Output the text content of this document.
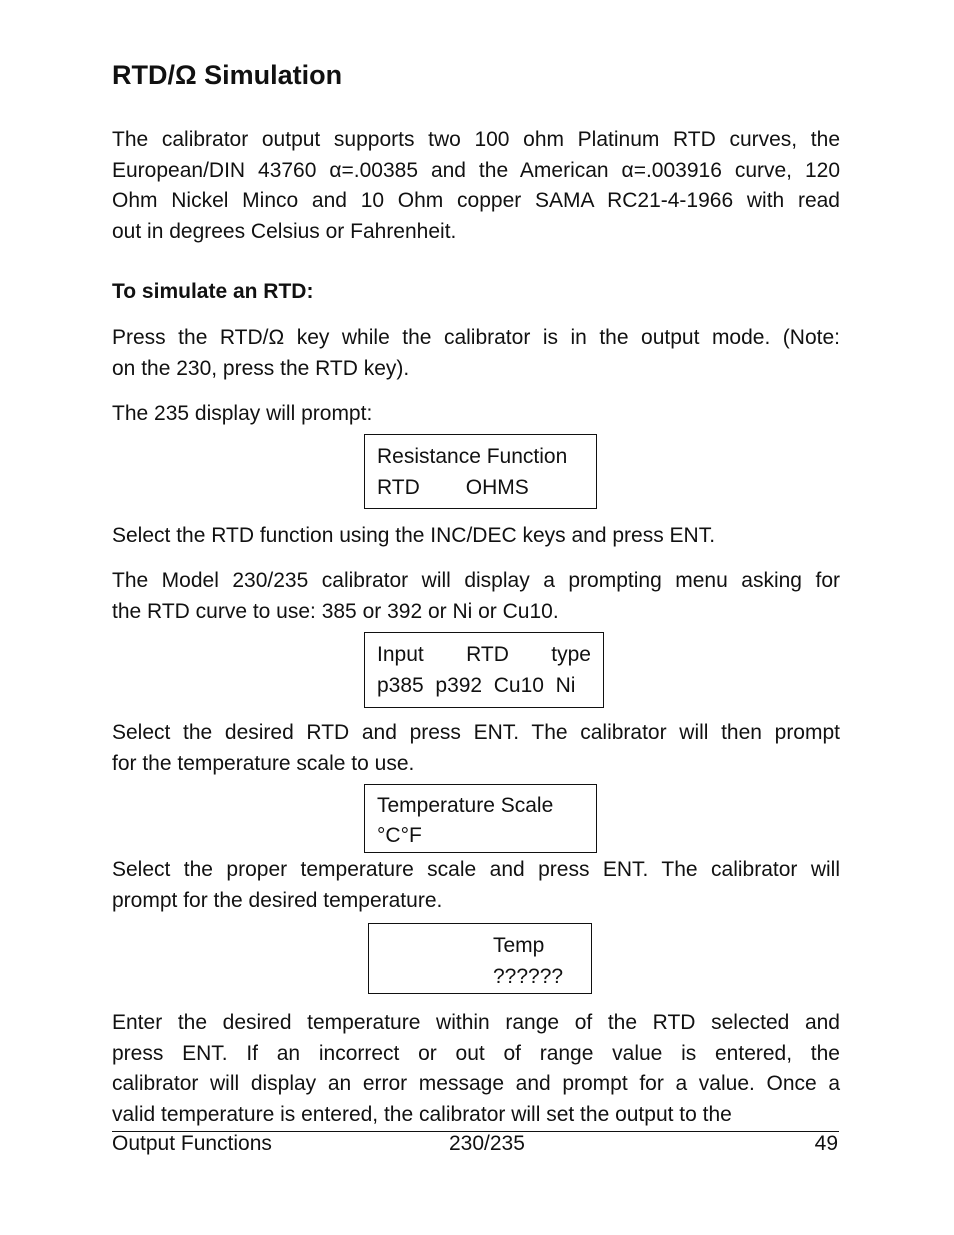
RTD/Ω Simulation
The calibrator output supports two 100 ohm Platinum RTD curves, the
European/DIN 43760 α=.00385 and the American α=.003916 curve, 120
Ohm Nickel Minco and 10 Ohm copper SAMA RC21-4-1966 with read
out in degrees Celsius or Fahrenheit.

To simulate an RTD:

Press the RTD/Ω key while the calibrator is in the output mode. (Note:
on the 230, press the RTD key).

The 235 display will prompt:

Resistance Function
RTD OHMS

Select the RTD function using the INC/DEC keys and press ENT.

The Model 230/235 calibrator will display a prompting menu asking for
the RTD curve to use: 385 or 392 or Ni or Cu10.
Input RTD type
p385  p392  Cu10  Ni
Select the desired RTD and press ENT. The calibrator will then prompt
for the temperature scale to use.
Temperature Scale
°C°F
Select the proper temperature scale and press ENT. The calibrator will
prompt for the desired temperature.
Temp
??????
Enter the desired temperature within range of the RTD selected and
press ENT. If an incorrect or out of range value is entered, the
calibrator will display an error message and prompt for a value. Once a
valid temperature is entered, the calibrator will set the output to the

Output Functions	230/235	49
